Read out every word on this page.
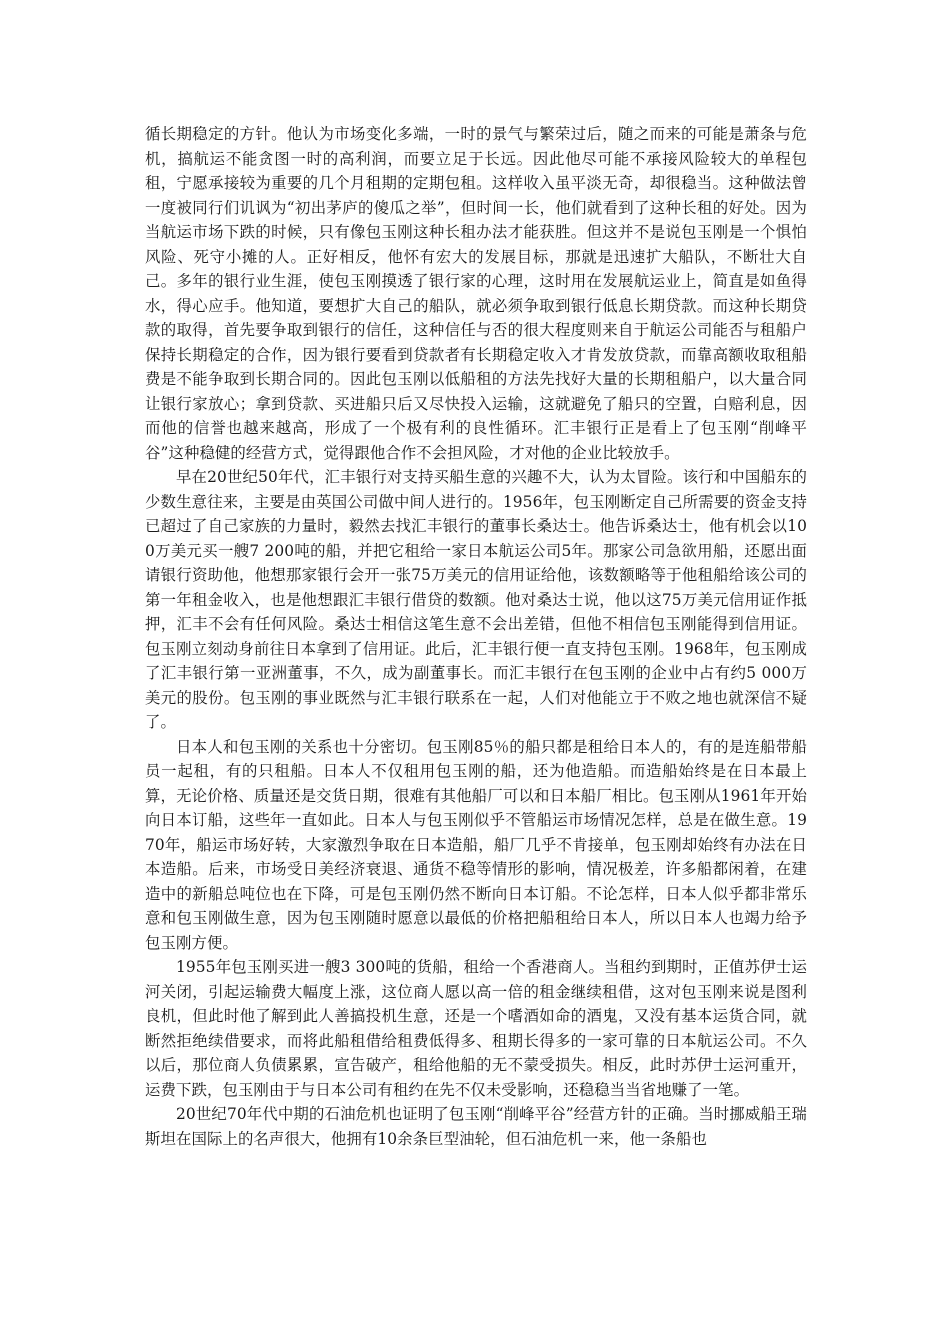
循长期稳定的方针。他认为市场变化多端，一时的景气与繁荣过后，随之而来的可能是萧条与危机，搞航运不能贪图一时的高利润，而要立足于长远。因此他尽可能不承接风险较大的单程包租，宁愿承接较为重要的几个月租期的定期包租。这样收入虽平淡无奇，却很稳当。这种做法曾一度被同行们讥讽为“初出茅庐的傻瓜之举”，但时间一长，他们就看到了这种长租的好处。因为当航运市场下跌的时候，只有像包玉刚这种长租办法才能获胜。但这并不是说包玉刚是一个惧怕风险、死守小摊的人。正好相反，他怀有宏大的发展目标，那就是迅速扩大船队，不断壮大自己。多年的银行业生涯，使包玉刚摸透了银行家的心理，这时用在发展航运业上，简直是如鱼得水，得心应手。他知道，要想扩大自己的船队，就必须争取到银行低息长期贷款。而这种长期贷款的取得，首先要争取到银行的信任，这种信任与否的很大程度则来自于航运公司能否与租船户保持长期稳定的合作，因为银行要看到贷款者有长期稳定收入才肯发放贷款，而靠高额收取租船费是不能争取到长期合同的。因此包玉刚以低船租的方法先找好大量的长期租船户，以大量合同让银行家放心；拿到贷款、买进船只后又尽快投入运输，这就避免了船只的空置，白赔利息，因而他的信誉也越来越高，形成了一个极有利的良性循环。汇丰银行正是看上了包玉刚“削峰平谷”这种稳健的经营方式，觉得跟他合作不会担风险，才对他的企业比较放手。

早在20世纪50年代，汇丰银行对支持买船生意的兴趣不大，认为太冒险。该行和中国船东的少数生意往来，主要是由英国公司做中间人进行的。1956年，包玉刚断定自己所需要的资金支持已超过了自己家族的力量时，毅然去找汇丰银行的董事长桑达士。他告诉桑达士，他有机会以100万美元买一艘7 200吨的船，并把它租给一家日本航运公司5年。那家公司急欲用船，还愿出面请银行资助他，他想那家银行会开一张75万美元的信用证给他，该数额略等于他租船给该公司的第一年租金收入，也是他想跟汇丰银行借贷的数额。他对桑达士说，他以这75万美元信用证作抵押，汇丰不会有任何风险。桑达士相信这笔生意不会出差错，但他不相信包玉刚能得到信用证。包玉刚立刻动身前往日本拿到了信用证。此后，汇丰银行便一直支持包玉刚。1968年，包玉刚成了汇丰银行第一亚洲董事，不久，成为副董事长。而汇丰银行在包玉刚的企业中占有约5 000万美元的股份。包玉刚的事业既然与汇丰银行联系在一起，人们对他能立于不败之地也就深信不疑了。

日本人和包玉刚的关系也十分密切。包玉刚85％的船只都是租给日本人的，有的是连船带船员一起租，有的只租船。日本人不仅租用包玉刚的船，还为他造船。而造船始终是在日本最上算，无论价格、质量还是交货日期，很难有其他船厂可以和日本船厂相比。包玉刚从1961年开始向日本订船，这些年一直如此。日本人与包玉刚似乎不管船运市场情况怎样，总是在做生意。1970年，船运市场好转，大家激烈争取在日本造船，船厂几乎不肯接单，包玉刚却始终有办法在日本造船。后来，市场受日美经济衰退、通货不稳等情形的影响，情况极差，许多船都闲着，在建造中的新船总吨位也在下降，可是包玉刚仍然不断向日本订船。不论怎样，日本人似乎都非常乐意和包玉刚做生意，因为包玉刚随时愿意以最低的价格把船租给日本人，所以日本人也竭力给予包玉刚方便。

1955年包玉刚买进一艘3 300吨的货船，租给一个香港商人。当租约到期时，正值苏伊士运河关闭，引起运输费大幅度上涨，这位商人愿以高一倍的租金继续租借，这对包玉刚来说是图利良机，但此时他了解到此人善搞投机生意，还是一个嗜酒如命的酒鬼，又没有基本运货合同，就断然拒绝续借要求，而将此船租借给租费低得多、租期长得多的一家可靠的日本航运公司。不久以后，那位商人负债累累，宣告破产，租给他船的无不蒙受损失。相反，此时苏伊士运河重开，运费下跌，包玉刚由于与日本公司有租约在先不仅未受影响，还稳稳当当省地赚了一笔。

20世纪70年代中期的石油危机也证明了包玉刚“削峰平谷”经营方针的正确。当时挪威船王瑞斯坦在国际上的名声很大，他拥有10余条巨型油轮，但石油危机一来，他一条船也
